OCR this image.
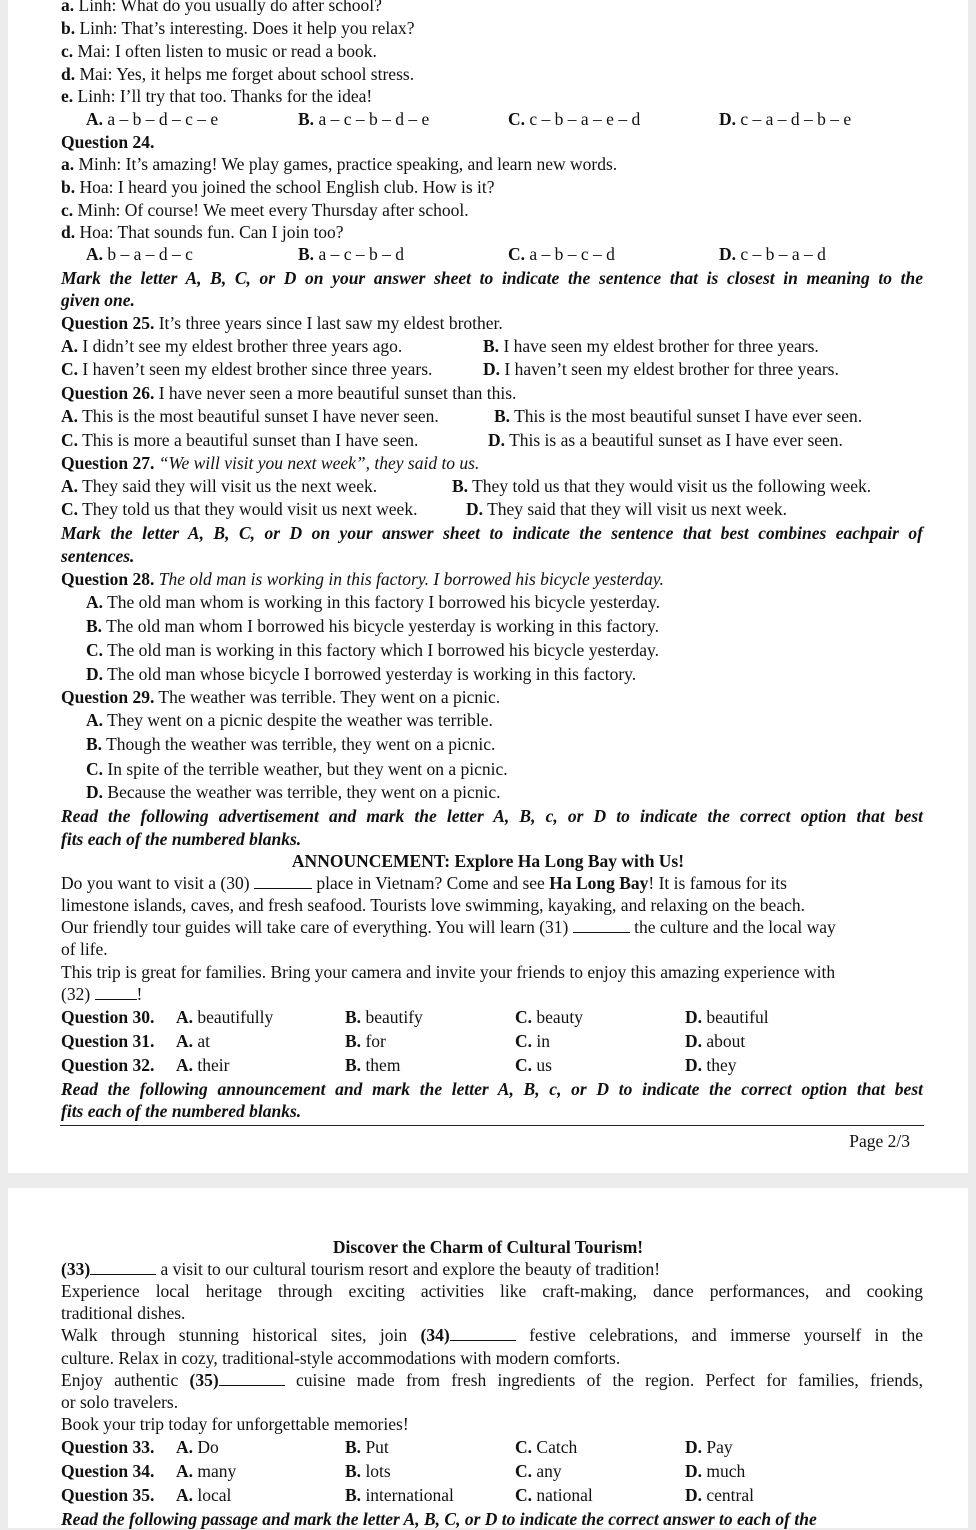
a. Linh: What do you usually do after school?
b. Linh: That’s interesting. Does it help you relax?
c. Mai: I often listen to music or read a book.
d. Mai: Yes, it helps me forget about school stress.
e. Linh: I’ll try that too. Thanks for the idea!
A. a – b – d – c – e	B. a – c – b – d – e	C. c – b – a – e – d	D. c – a – d – b – e
Question 24.
a. Minh: It’s amazing! We play games, practice speaking, and learn new words.
b. Hoa: I heard you joined the school English club. How is it?
c. Minh: Of course! We meet every Thursday after school.
d. Hoa: That sounds fun. Can I join too?
A. b – a – d – c	B. a – c – b – d	C. a – b – c – d	D. c – b – a – d
Mark the letter A, B, C, or D on your answer sheet to indicate the sentence that is closest in meaning to the
given one.
Question 25. It’s three years since I last saw my eldest brother.
A. I didn’t see my eldest brother three years ago.	B. I have seen my eldest brother for three years.
C. I haven’t seen my eldest brother since three years.	D. I haven’t seen my eldest brother for three years.
Question 26. I have never seen a more beautiful sunset than this.
A. This is the most beautiful sunset I have never seen.	B. This is the most beautiful sunset I have ever seen.
C. This is more a beautiful sunset than I have seen.	D. This is as a beautiful sunset as I have ever seen.
Question 27. “We will visit you next week”, they said to us.
A. They said they will visit us the next week.	B. They told us that they would visit us the following week.
C. They told us that they would visit us next week.	D. They said that they will visit us next week.
Mark the letter A, B, C, or D on your answer sheet to indicate the sentence that best combines eachpair of
sentences.
Question 28. The old man is working in this factory. I borrowed his bicycle yesterday.
A. The old man whom is working in this factory I borrowed his bicycle yesterday.
B. The old man whom I borrowed his bicycle yesterday is working in this factory.
C. The old man is working in this factory which I borrowed his bicycle yesterday.
D. The old man whose bicycle I borrowed yesterday is working in this factory.
Question 29. The weather was terrible. They went on a picnic.
A. They went on a picnic despite the weather was terrible.
B. Though the weather was terrible, they went on a picnic.
C. In spite of the terrible weather, but they went on a picnic.
D. Because the weather was terrible, they went on a picnic.
Read the following advertisement and mark the letter A, B, c, or D to indicate the correct option that best
fits each of the numbered blanks.
ANNOUNCEMENT: Explore Ha Long Bay with Us!
Do you want to visit a (30)	place in Vietnam? Come and see Ha Long Bay! It is famous for its
limestone islands, caves, and fresh seafood. Tourists love swimming, kayaking, and relaxing on the beach.
Our friendly tour guides will take care of everything. You will learn (31)	the culture and the local way
of life.
This trip is great for families. Bring your camera and invite your friends to enjoy this amazing experience with
(32) !
Question 30. A. beautifully	B. beautify	C. beauty	D. beautiful
Question 31. A. at	B. for	C. in	D. about
Question 32. A. their	B. them	C. us	D. they
Read the following announcement and mark the letter A, B, c, or D to indicate the correct option that best
fits each of the numbered blanks.
Page 2/3
Discover the Charm of Cultural Tourism!
(33)	a visit to our cultural tourism resort and explore the beauty of tradition!
Experience local heritage through exciting activities like craft-making, dance performances, and cooking
traditional dishes.
Walk through stunning historical sites, join (34)	festive celebrations, and immerse yourself in the
culture. Relax in cozy, traditional-style accommodations with modern comforts.
Enjoy authentic (35)	cuisine made from fresh ingredients of the region. Perfect for families, friends,
or solo travelers.
Book your trip today for unforgettable memories!
Question 33. A. Do	B. Put	C. Catch	D. Pay
Question 34. A. many	B. lots	C. any	D. much
Question 35. A. local	B. international	C. national	D. central
Read the following passage and mark the letter A, B, C, or D to indicate the correct answer to each of the
